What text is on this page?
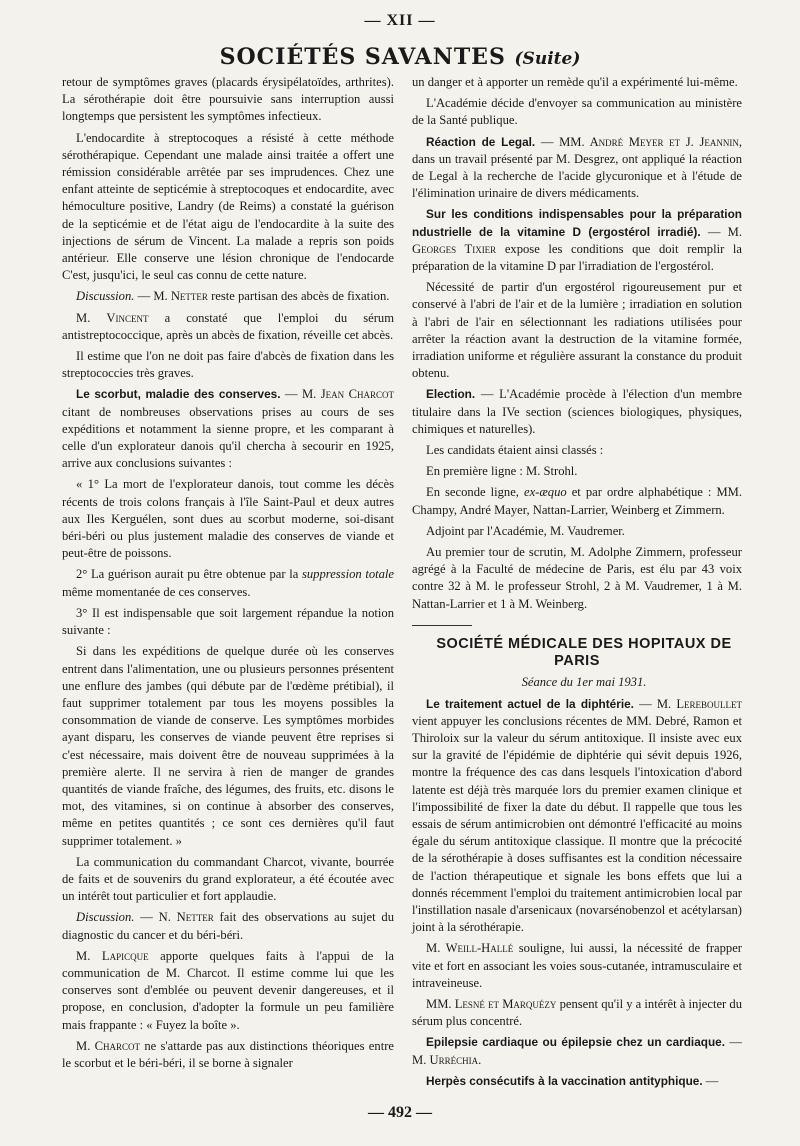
— XII —
SOCIÉTÉS SAVANTES (Suite)

retour de symptômes graves (placards érysipélatoïdes, arthrites). La sérothérapie doit être poursuivie sans interruption aussi longtemps que persistent les symptômes infectieux.

L'endocardite à streptocoques a résisté à cette méthode sérothérapique. Cependant une malade ainsi traitée a offert une rémission considérable arrêtée par ses imprudences. Chez une enfant atteinte de septicémie à streptocoques et endocardite, avec hémoculture positive, Landry (de Reims) a constaté la guérison de la septicémie et de l'état aigu de l'endocardite à la suite des injections de sérum de Vincent. La malade a repris son poids antérieur. Elle conserve une lésion chronique de l'endocarde C'est, jusqu'ici, le seul cas connu de cette nature.

Discussion. — M. Netter reste partisan des abcès de fixation.

M. Vincent a constaté que l'emploi du sérum antistreptococcique, après un abcès de fixation, réveille cet abcès.

Il estime que l'on ne doit pas faire d'abcès de fixation dans les streptococcies très graves.

Le scorbut, maladie des conserves. — M. Jean Charcot citant de nombreuses observations prises au cours de ses expéditions et notamment la sienne propre, et les comparant à celle d'un explorateur danois qu'il chercha à secourir en 1925, arrive aux conclusions suivantes :

« 1° La mort de l'explorateur danois, tout comme les décès récents de trois colons français à l'île Saint-Paul et deux autres aux Iles Kerguélen, sont dues au scorbut moderne, soi-disant béri-béri ou plus justement maladie des conserves de viande et peut-être de poissons.

2° La guérison aurait pu être obtenue par la suppression totale même momentanée de ces conserves.

3° Il est indispensable que soit largement répandue la notion suivante :

Si dans les expéditions de quelque durée où les conserves entrent dans l'alimentation, une ou plusieurs personnes présentent une enflure des jambes (qui débute par de l'œdème prétibial), il faut supprimer totalement par tous les moyens possibles la consommation de viande de conserve. Les symptômes morbides ayant disparu, les conserves de viande peuvent être reprises si c'est nécessaire, mais doivent être de nouveau supprimées à la première alerte. Il ne servira à rien de manger de grandes quantités de viande fraîche, des légumes, des fruits, etc. disons le mot, des vitamines, si on continue à absorber des conserves, même en petites quantités ; ce sont ces dernières qu'il faut supprimer totalement. »

La communication du commandant Charcot, vivante, bourrée de faits et de souvenirs du grand explorateur, a été écoutée avec un intérêt tout particulier et fort applaudie.

Discussion. — N. Netter fait des observations au sujet du diagnostic du cancer et du béri-béri.

M. Lapicque apporte quelques faits à l'appui de la communication de M. Charcot. Il estime comme lui que les conserves sont d'emblée ou peuvent devenir dangereuses, et il propose, en conclusion, d'adopter la formule un peu familière mais frappante : « Fuyez la boîte ».

M. Charcot ne s'attarde pas aux distinctions théoriques entre le scorbut et le béri-béri, il se borne à signaler

un danger et à apporter un remède qu'il a expérimenté lui-même.

L'Académie décide d'envoyer sa communication au ministère de la Santé publique.

Réaction de Legal. — MM. André Meyer et J. Jeannin, dans un travail présenté par M. Desgrez, ont appliqué la réaction de Legal à la recherche de l'acide glycuronique et à l'étude de l'élimination urinaire de divers médicaments.

Sur les conditions indispensables pour la préparation ndustrielle de la vitamine D (ergostérol irradié). — M. Georges Tixier expose les conditions que doit remplir la préparation de la vitamine D par l'irradiation de l'ergostérol.

Nécessité de partir d'un ergostérol rigoureusement pur et conservé à l'abri de l'air et de la lumière ; irradiation en solution à l'abri de l'air en sélectionnant les radiations utilisées pour arrêter la réaction avant la destruction de la vitamine formée, irradiation uniforme et régulière assurant la constance du produit obtenu.

Election. — L'Académie procède à l'élection d'un membre titulaire dans la IVe section (sciences biologiques, physiques, chimiques et naturelles).

Les candidats étaient ainsi classés :

En première ligne : M. Strohl.

En seconde ligne, ex-æquo et par ordre alphabétique : MM. Champy, André Mayer, Nattan-Larrier, Weinberg et Zimmern.

Adjoint par l'Académie, M. Vaudremer.

Au premier tour de scrutin, M. Adolphe Zimmern, professeur agrégé à la Faculté de médecine de Paris, est élu par 43 voix contre 32 à M. le professeur Strohl, 2 à M. Vaudremer, 1 à M. Nattan-Larrier et 1 à M. Weinberg.

SOCIÉTÉ MÉDICALE DES HOPITAUX DE PARIS

Séance du 1er mai 1931.

Le traitement actuel de la diphtérie. — M. Lereboullet vient appuyer les conclusions récentes de MM. Debré, Ramon et Thiroloix sur la valeur du sérum antitoxique. Il insiste avec eux sur la gravité de l'épidémie de diphtérie qui sévit depuis 1926, montre la fréquence des cas dans lesquels l'intoxication d'abord latente est déjà très marquée lors du premier examen clinique et l'impossibilité de fixer la date du début. Il rappelle que tous les essais de sérum antimicrobien ont démontré l'efficacité au moins égale du sérum antitoxique classique. Il montre que la précocité de la sérothérapie à doses suffisantes est la condition nécessaire de l'action thérapeutique et signale les bons effets que lui a donnés récemment l'emploi du traitement antimicrobien local par l'instillation nasale d'arsenicaux (novarsénobenzol et acétylarsan) joint à la sérothérapie.

M. Weill-Hallé souligne, lui aussi, la nécessité de frapper vite et fort en associant les voies sous-cutanée, intramusculaire et intraveineuse.

MM. Lesné et Marquézy pensent qu'il y a intérêt à injecter du sérum plus concentré.

Epilepsie cardiaque ou épilepsie chez un cardiaque. — M. Urréchia.

Herpès consécutifs à la vaccination antityphique. —

— 492 —
